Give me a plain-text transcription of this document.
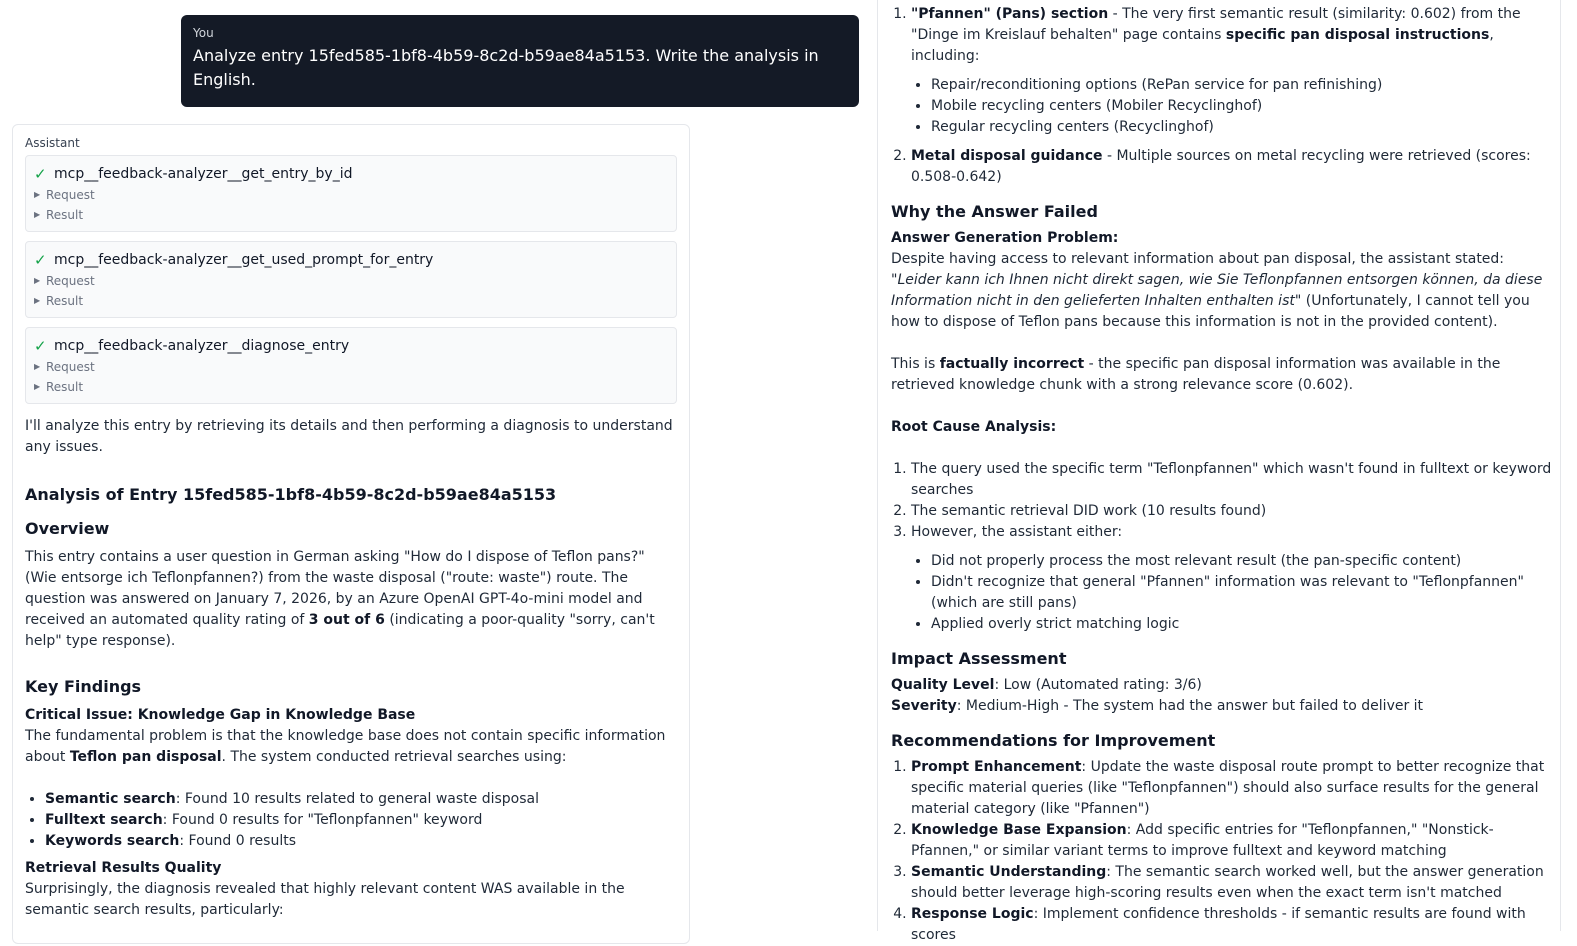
You
Analyze entry 15fed585-1bf8-4b59-8c2d-b59ae84a5153. Write the analysis in English.
Assistant
✓ mcp__feedback-analyzer__get_entry_by_id
▶ Request
▶ Result
✓ mcp__feedback-analyzer__get_used_prompt_for_entry
▶ Request
▶ Result
✓ mcp__feedback-analyzer__diagnose_entry
▶ Request
▶ Result

I'll analyze this entry by retrieving its details and then performing a diagnosis to understand any issues.

Analysis of Entry 15fed585-1bf8-4b59-8c2d-b59ae84a5153
Overview

This entry contains a user question in German asking "How do I dispose of Teflon pans?" (Wie entsorge ich Teflonpfannen?) from the waste disposal ("route: waste") route. The question was answered on January 7, 2026, by an Azure OpenAI GPT-4o-mini model and received an automated quality rating of 3 out of 6 (indicating a poor-quality "sorry, can't help" type response).

Key Findings
Critical Issue: Knowledge Gap in Knowledge Base

The fundamental problem is that the knowledge base does not contain specific information about Teflon pan disposal. The system conducted retrieval searches using:

• Semantic search: Found 10 results related to general waste disposal
• Fulltext search: Found 0 results for "Teflonpfannen" keyword
• Keywords search: Found 0 results
Retrieval Results Quality

Surprisingly, the diagnosis revealed that highly relevant content WAS available in the semantic search results, particularly:

1. "Pfannen" (Pans) section - The very first semantic result (similarity: 0.602) from the "Dinge im Kreislauf behalten" page contains specific pan disposal instructions, including:
• Repair/reconditioning options (RePan service for pan refinishing)
• Mobile recycling centers (Mobiler Recyclinghof)
• Regular recycling centers (Recyclinghof)
2. Metal disposal guidance - Multiple sources on metal recycling were retrieved (scores: 0.508-0.642)
Why the Answer Failed
Answer Generation Problem:

Despite having access to relevant information about pan disposal, the assistant stated: "Leider kann ich Ihnen nicht direkt sagen, wie Sie Teflonpfannen entsorgen können, da diese Information nicht in den gelieferten Inhalten enthalten ist" (Unfortunately, I cannot tell you how to dispose of Teflon pans because this information is not in the provided content).

This is factually incorrect - the specific pan disposal information was available in the retrieved knowledge chunk with a strong relevance score (0.602).

Root Cause Analysis:
1. The query used the specific term "Teflonpfannen" which wasn't found in fulltext or keyword searches
2. The semantic retrieval DID work (10 results found)
3. However, the assistant either:
• Did not properly process the most relevant result (the pan-specific content)
• Didn't recognize that general "Pfannen" information was relevant to "Teflonpfannen" (which are still pans)
• Applied overly strict matching logic
Impact Assessment

Quality Level: Low (Automated rating: 3/6)

Severity: Medium-High - The system had the answer but failed to deliver it

Recommendations for Improvement
1. Prompt Enhancement: Update the waste disposal route prompt to better recognize that specific material queries (like "Teflonpfannen") should also surface results for the general material category (like "Pfannen")
2. Knowledge Base Expansion: Add specific entries for "Teflonpfannen," "Nonstick-Pfannen," or similar variant terms to improve fulltext and keyword matching
3. Semantic Understanding: The semantic search worked well, but the answer generation should better leverage high-scoring results even when the exact term isn't matched
4. Response Logic: Implement confidence thresholds - if semantic results are found with scores
